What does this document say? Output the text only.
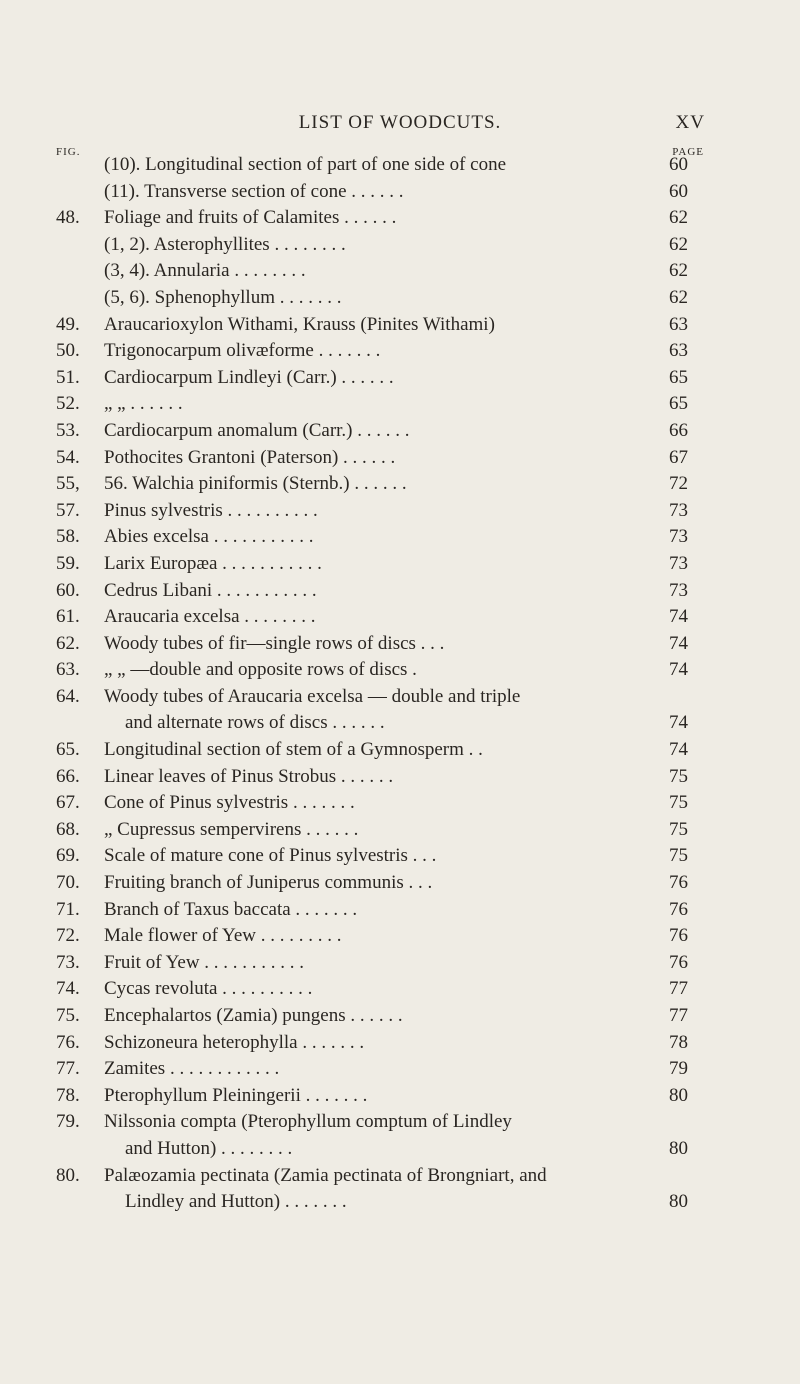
LIST OF WOODCUTS.	XV
FIG.	PAGE
(10). Longitudinal section of part of one side of cone	60
(11). Transverse section of cone . . . . . .	60
48. Foliage and fruits of Calamites . . . . . .	62
(1, 2). Asterophyllites . . . . . . . .	62
(3, 4). Annularia . . . . . . . .	62
(5, 6). Sphenophyllum . . . . . . .	62
49. Araucarioxylon Withami, Krauss (Pinites Withami)	63
50. Trigonocarpum olivæforme . . . . . . .	63
51. Cardiocarpum Lindleyi (Carr.) . . . . . .	65
52. „ „ . . . . . .	65
53. Cardiocarpum anomalum (Carr.) . . . . . .	66
54. Pothocites Grantoni (Paterson) . . . . . .	67
55, 56. Walchia piniformis (Sternb.) . . . . . .	72
57. Pinus sylvestris . . . . . . . . . .	73
58. Abies excelsa . . . . . . . . . . .	73
59. Larix Europæa . . . . . . . . . . .	73
60. Cedrus Libani . . . . . . . . . . .	73
61. Araucaria excelsa . . . . . . . .	74
62. Woody tubes of fir—single rows of discs . . .	74
63. „ „ —double and opposite rows of discs .	74
64. Woody tubes of Araucaria excelsa — double and triple
and alternate rows of discs . . . . . .	74
65. Longitudinal section of stem of a Gymnosperm . .	74
66. Linear leaves of Pinus Strobus . . . . . .	75
67. Cone of Pinus sylvestris . . . . . . .	75
68. „ Cupressus sempervirens . . . . . .	75
69. Scale of mature cone of Pinus sylvestris . . .	75
70. Fruiting branch of Juniperus communis . . .	76
71. Branch of Taxus baccata . . . . . . .	76
72. Male flower of Yew . . . . . . . . .	76
73. Fruit of Yew . . . . . . . . . . .	76
74. Cycas revoluta . . . . . . . . . .	77
75. Encephalartos (Zamia) pungens . . . . . .	77
76. Schizoneura heterophylla . . . . . . .	78
77. Zamites . . . . . . . . . . . .	79
78. Pterophyllum Pleiningerii . . . . . . .	80
79. Nilssonia compta (Pterophyllum comptum of Lindley
and Hutton) . . . . . . . .	80
80. Palæozamia pectinata (Zamia pectinata of Brongniart, and
Lindley and Hutton) . . . . . . .	80
